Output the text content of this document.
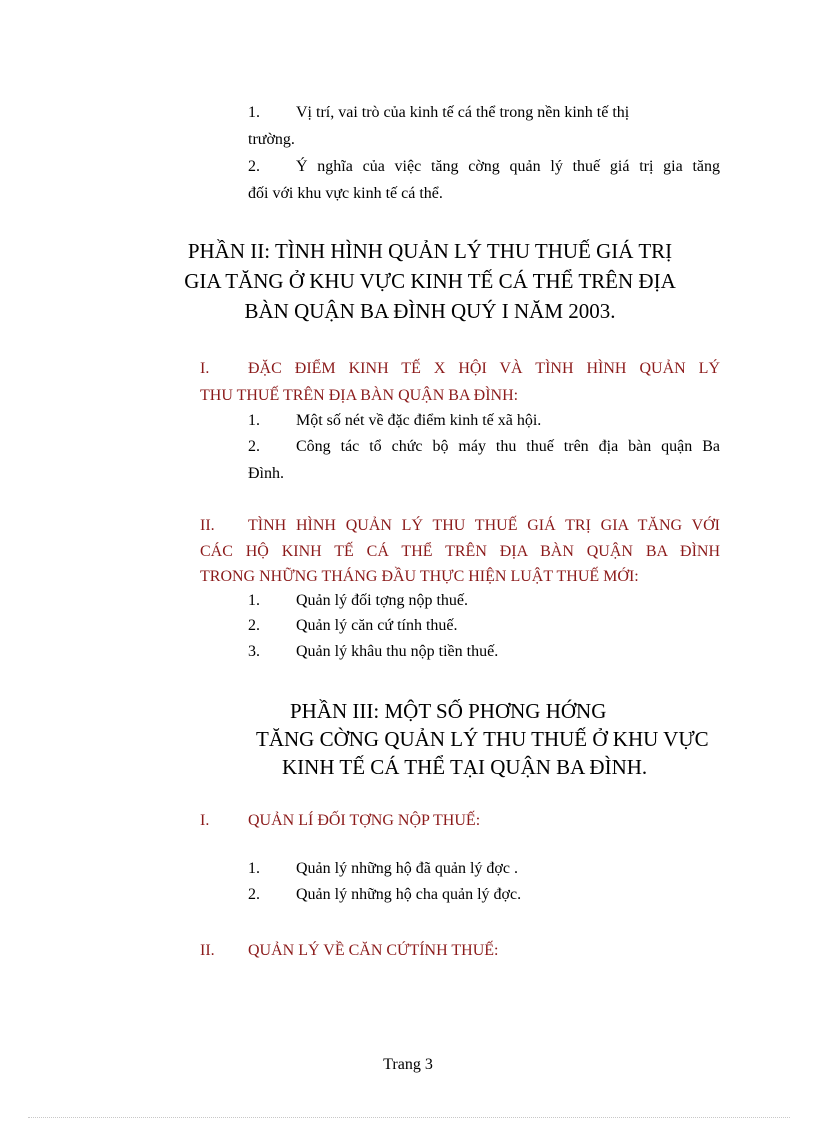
1.	Vị trí, vai trò của kinh tế cá thể trong nền kinh tế thị
trường.
2.	Ý nghĩa của việc tăng cờng quản lý thuế giá trị gia tăng
đối với khu vực kinh tế cá thể.
PHẦN II: TÌNH HÌNH QUẢN LÝ THU THUẾ GIÁ TRỊ
GIA TĂNG Ở KHU VỰC KINH TẾ CÁ THỂ TRÊN ĐỊA
BÀN QUẬN BA ĐÌNH QUÝ I NĂM 2003.
I. ĐẶC ĐIỂM KINH TẾ X HỘI VÀ TÌNH HÌNH QUẢN LÝ
THU THUẾ TRÊN ĐỊA BÀN QUẬN BA ĐÌNH:
1.	Một số nét về đặc điểm kinh tế xã hội.
2.	Công tác tổ chức bộ máy thu thuế trên địa bàn quận Ba
Đình.
II. TÌNH HÌNH QUẢN LÝ THU THUẾ GIÁ TRỊ GIA TĂNG VỚI
CÁC HỘ KINH TẾ CÁ THỂ TRÊN ĐỊA BÀN QUẬN BA ĐÌNH
TRONG NHỮNG THÁNG ĐẦU THỰC HIỆN LUẬT THUẾ MỚI:
1.	Quản lý đối tợng nộp thuế.
2.	Quản lý căn cứ tính thuế.
3.	Quản lý khâu thu nộp tiền thuế.
PHẦN III: MỘT SỐ PHƠNG HỚNG
TĂNG CỜNG QUẢN LÝ THU THUẾ Ở KHU VỰC
KINH TẾ CÁ THỂ TẠI QUẬN BA ĐÌNH.
I. QUẢN LÍ ĐỐI TỢNG NỘP THUẾ:
1.	Quản lý những hộ đã quản lý đợc .
2.	Quản lý những hộ cha quản lý đợc.
II. QUẢN LÝ VỀ CĂN CỨTÍNH THUẾ:
Trang 3
